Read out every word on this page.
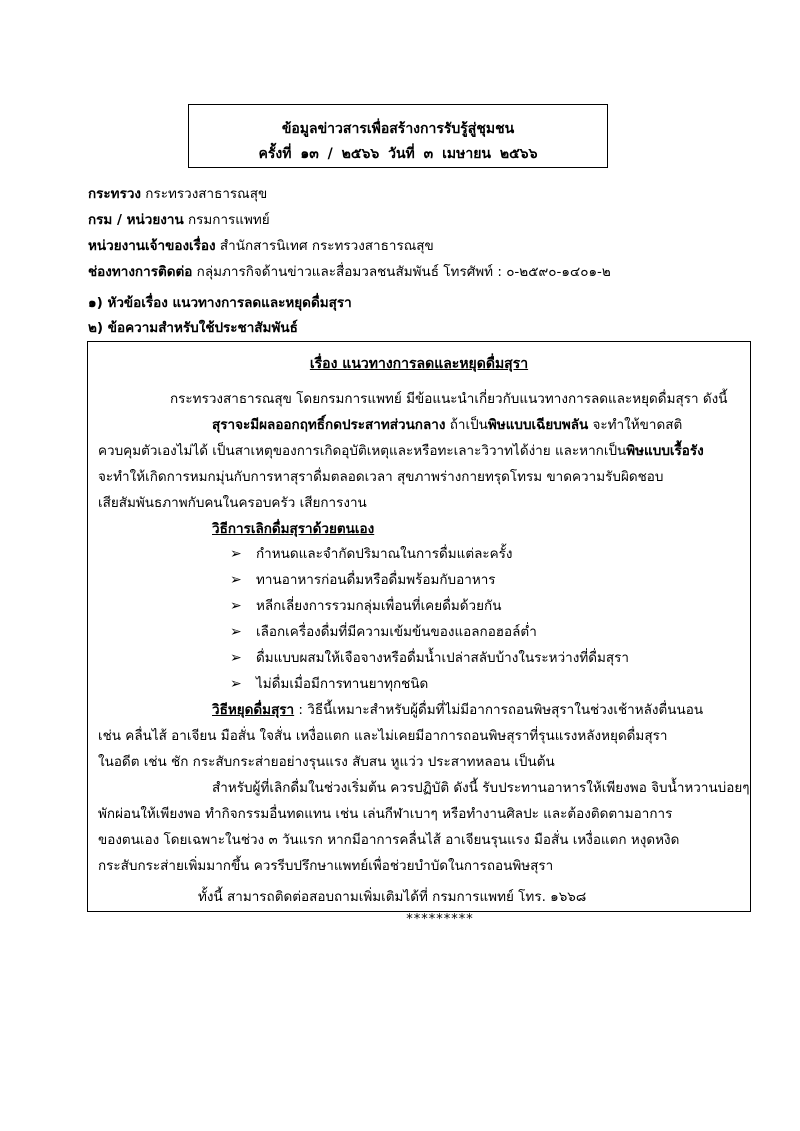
ข้อมูลข่าวสารเพื่อสร้างการรับรู้สู่ชุมชน
ครั้งที่ ๑๓ / ๒๕๖๖ วันที่ ๓ เมษายน ๒๕๖๖
กระทรวง กระทรวงสาธารณสุข
กรม / หน่วยงาน กรมการแพทย์
หน่วยงานเจ้าของเรื่อง สำนักสารนิเทศ กระทรวงสาธารณสุข
ช่องทางการติดต่อ กลุ่มภารกิจด้านข่าวและสื่อมวลชนสัมพันธ์ โทรศัพท์ : ๐-๒๕๙๐-๑๔๐๑-๒
๑) หัวข้อเรื่อง แนวทางการลดและหยุดดื่มสุรา
๒) ข้อความสำหรับใช้ประชาสัมพันธ์
เรื่อง แนวทางการลดและหยุดดื่มสุรา
กระทรวงสาธารณสุข โดยกรมการแพทย์ มีข้อแนะนำเกี่ยวกับแนวทางการลดและหยุดดื่มสุรา ดังนี้
สุราจะมีผลออกฤทธิ์กดประสาทส่วนกลาง ถ้าเป็นพิษแบบเฉียบพลัน จะทำให้ขาดสติ
ควบคุมตัวเองไม่ได้ เป็นสาเหตุของการเกิดอุบัติเหตุและหรือทะเลาะวิวาทได้ง่าย และหากเป็นพิษแบบเรื้อรัง
จะทำให้เกิดการหมกมุ่นกับการหาสุราดื่มตลอดเวลา สุขภาพร่างกายทรุดโทรม ขาดความรับผิดชอบ
เสียสัมพันธภาพกับคนในครอบครัว เสียการงาน
วิธีการเลิกดื่มสุราด้วยตนเอง
➢ กำหนดและจำกัดปริมาณในการดื่มแต่ละครั้ง
➢ ทานอาหารก่อนดื่มหรือดื่มพร้อมกับอาหาร
➢ หลีกเลี่ยงการรวมกลุ่มเพื่อนที่เคยดื่มด้วยกัน
➢ เลือกเครื่องดื่มที่มีความเข้มข้นของแอลกอฮอล์ต่ำ
➢ ดื่มแบบผสมให้เจือจางหรือดื่มน้ำเปล่าสลับบ้างในระหว่างที่ดื่มสุรา
➢ ไม่ดื่มเมื่อมีการทานยาทุกชนิด
วิธีหยุดดื่มสุรา : วิธีนี้เหมาะสำหรับผู้ดื่มที่ไม่มีอาการถอนพิษสุราในช่วงเช้าหลังตื่นนอน
เช่น คลื่นไส้ อาเจียน มือสั่น ใจสั่น เหงื่อแตก และไม่เคยมีอาการถอนพิษสุราที่รุนแรงหลังหยุดดื่มสุรา
ในอดีต เช่น ชัก กระสับกระส่ายอย่างรุนแรง สับสน หูแว่ว ประสาทหลอน เป็นต้น
สำหรับผู้ที่เลิกดื่มในช่วงเริ่มต้น ควรปฏิบัติ ดังนี้ รับประทานอาหารให้เพียงพอ จิบน้ำหวานบ่อยๆ
พักผ่อนให้เพียงพอ ทำกิจกรรมอื่นทดแทน เช่น เล่นกีฬาเบาๆ หรือทำงานศิลปะ และต้องติดตามอาการ
ของตนเอง โดยเฉพาะในช่วง ๓ วันแรก หากมีอาการคลื่นไส้ อาเจียนรุนแรง มือสั่น เหงื่อแตก หงุดหงิด
กระสับกระส่ายเพิ่มมากขึ้น ควรรีบปรึกษาแพทย์เพื่อช่วยบำบัดในการถอนพิษสุรา
ทั้งนี้ สามารถติดต่อสอบถามเพิ่มเติมได้ที่ กรมการแพทย์ โทร. ๑๖๖๘
*********
